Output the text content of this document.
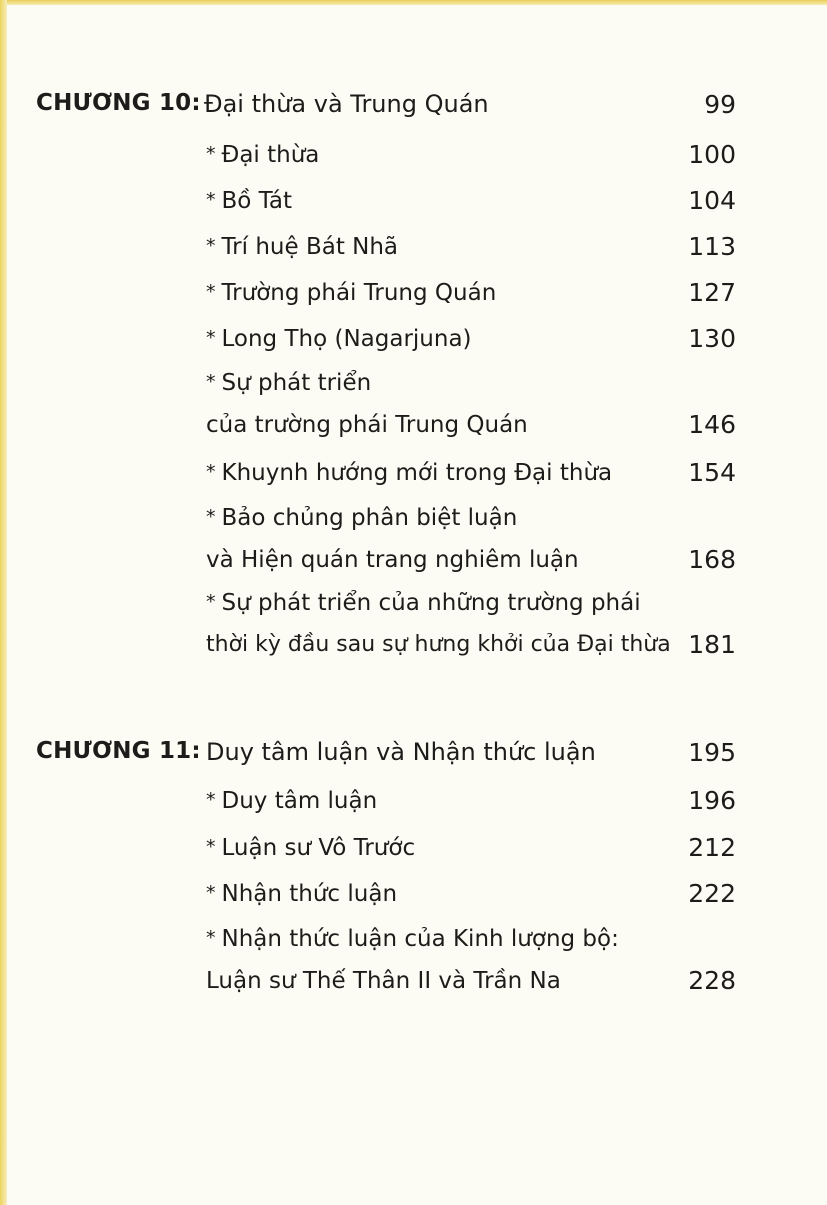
CHƯƠNG 10: Đại thừa và Trung Quán	99
* Đại thừa	100
* Bồ Tát	104
* Trí huệ Bát Nhã	113
* Trường phái Trung Quán	127
* Long Thọ (Nagarjuna)	130
* Sự phát triển
của trường phái Trung Quán	146
* Khuynh hướng mới trong Đại thừa	154
* Bảo chủng phân biệt luận
và Hiện quán trang nghiêm luận	168
* Sự phát triển của những trường phái
thời kỳ đầu sau sự hưng khởi của Đại thừa 181
CHƯƠNG 11: Duy tâm luận và Nhận thức luận	195
* Duy tâm luận	196
* Luận sư Vô Trước	212
* Nhận thức luận	222
* Nhận thức luận của Kinh lượng bộ:
Luận sư Thế Thân II và Trần Na	228
